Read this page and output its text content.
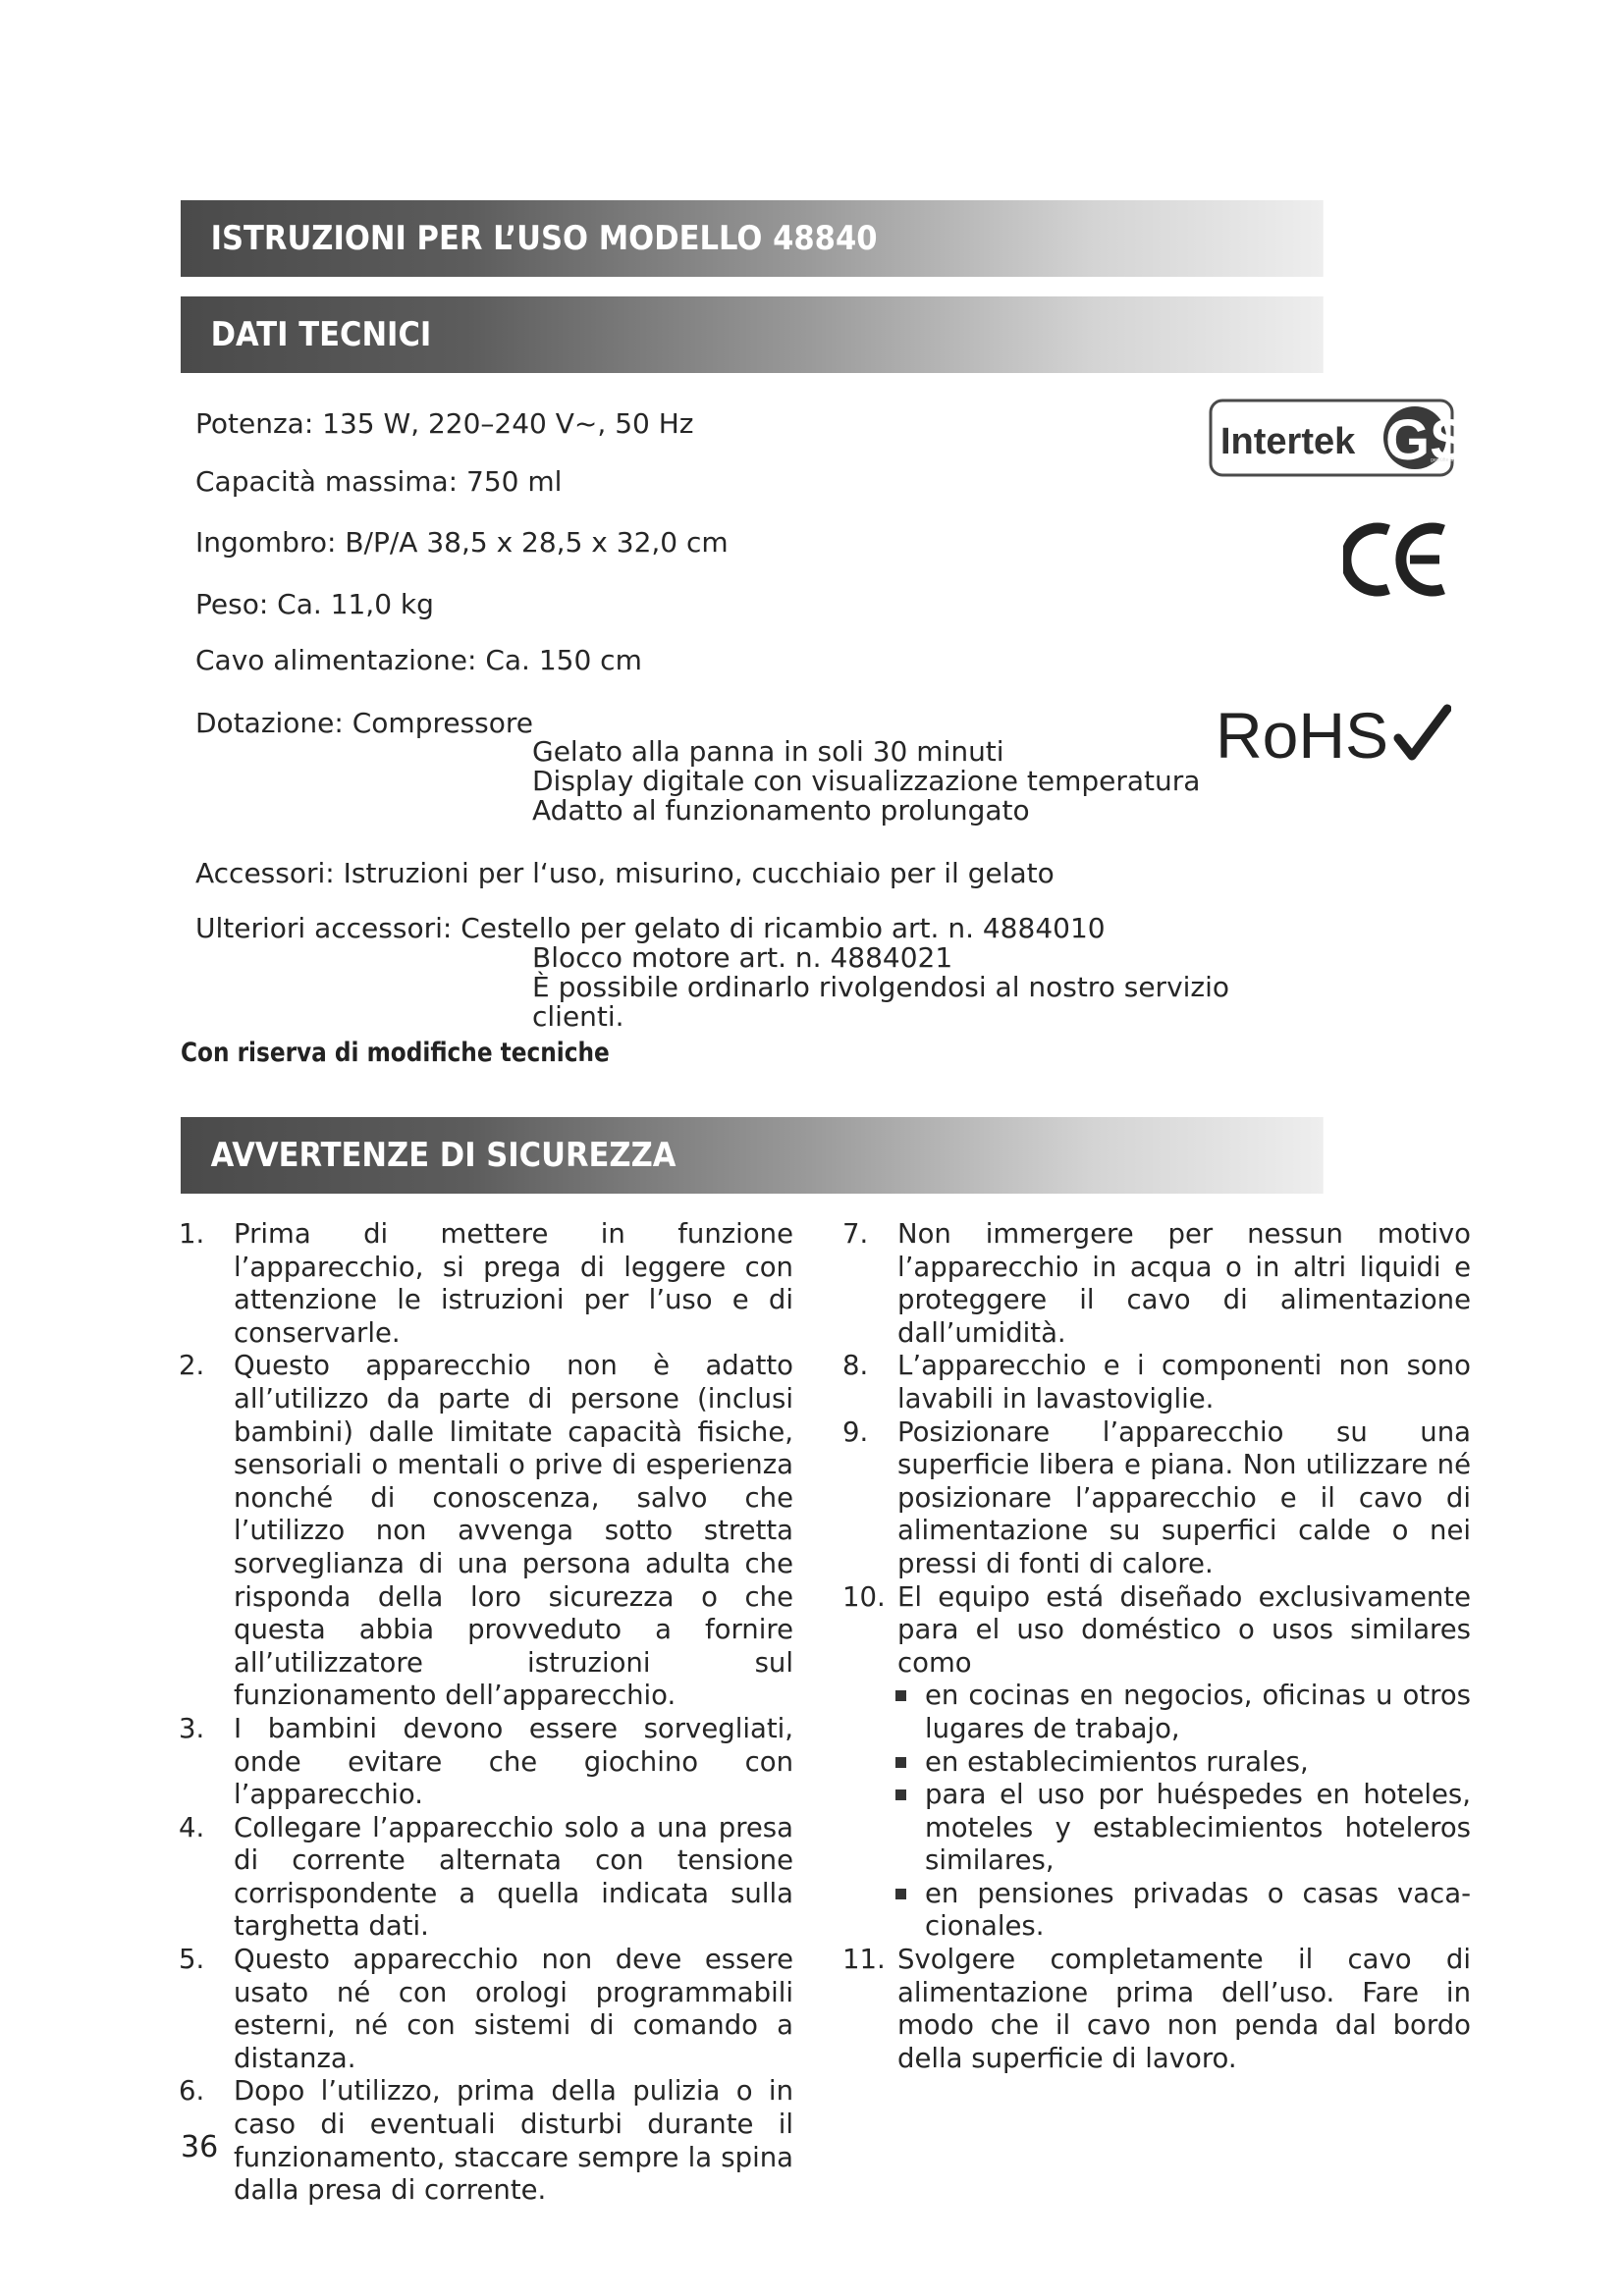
ISTRUZIONI PER L’USO MODELLO 48840
DATI TECNICI
Potenza: 135 W, 220–240 V~, 50 Hz
Capacità massima: 750 ml
Ingombro: B/P/A 38,5 x 28,5 x 32,0 cm
Peso: Ca. 11,0 kg
Cavo alimentazione: Ca. 150 cm
Dotazione: Compressore
Gelato alla panna in soli 30 minuti
Display digitale con visualizzazione temperatura
Adatto al funzionamento prolungato
Accessori: Istruzioni per l‘uso, misurino, cucchiaio per il gelato
Ulteriori accessori: Cestello per gelato di ricambio art. n. 4884010
Blocco motore art. n. 4884021
È possibile ordinarlo rivolgendosi al nostro servizio
clienti.
Con riserva di modifiche tecniche
Intertek GS
geprüfte Si
RoHS
AVVERTENZE DI SICUREZZA
1. Prima di mettere in funzione l’apparecchio, si prega di leggere con attenzione le istruzioni per l’uso e di conservarle.
2. Questo apparecchio non è adatto all’utilizzo da parte di persone (inclusi bambini) dalle limitate capacità fisiche, sensoriali o mentali o prive di esperienza nonché di conoscenza, salvo che l’utilizzo non avvenga sotto stretta sorveglianza di una persona adulta che risponda della loro sicurezza o che questa abbia provveduto a fornire all’utilizzatore istruzioni sul funzionamento dell’apparecchio.
3. I bambini devono essere sorvegliati, onde evitare che giochino con l’apparecchio.
4. Collegare l’apparecchio solo a una presa di corrente alternata con tensione corrispondente a quella indicata sulla targhetta dati.
5. Questo apparecchio non deve essere usato né con orologi programmabili esterni, né con sistemi di comando a distanza.
6. Dopo l’utilizzo, prima della pulizia o in caso di eventuali disturbi durante il funzionamento, staccare sempre la spina dalla presa di corrente.
7. Non immergere per nessun motivo l’apparecchio in acqua o in altri liquidi e proteggere il cavo di alimentazione dall’umidità.
8. L’apparecchio e i componenti non sono lavabili in lavastoviglie.
9. Posizionare l’apparecchio su una superficie libera e piana. Non utilizzare né posizionare l’apparecchio e il cavo di alimentazione su superfici calde o nei pressi di fonti di calore.
10. El equipo está diseñado exclusivamente para el uso doméstico o usos similares como
en cocinas en negocios, oficinas u otros lugares de trabajo,
en establecimientos rurales,
para el uso por huéspedes en hoteles, moteles y establecimientos hoteleros similares,
en pensiones privadas o casas vaca-cionales.
11. Svolgere completamente il cavo di alimentazione prima dell’uso. Fare in modo che il cavo non penda dal bordo della superficie di lavoro.
36
